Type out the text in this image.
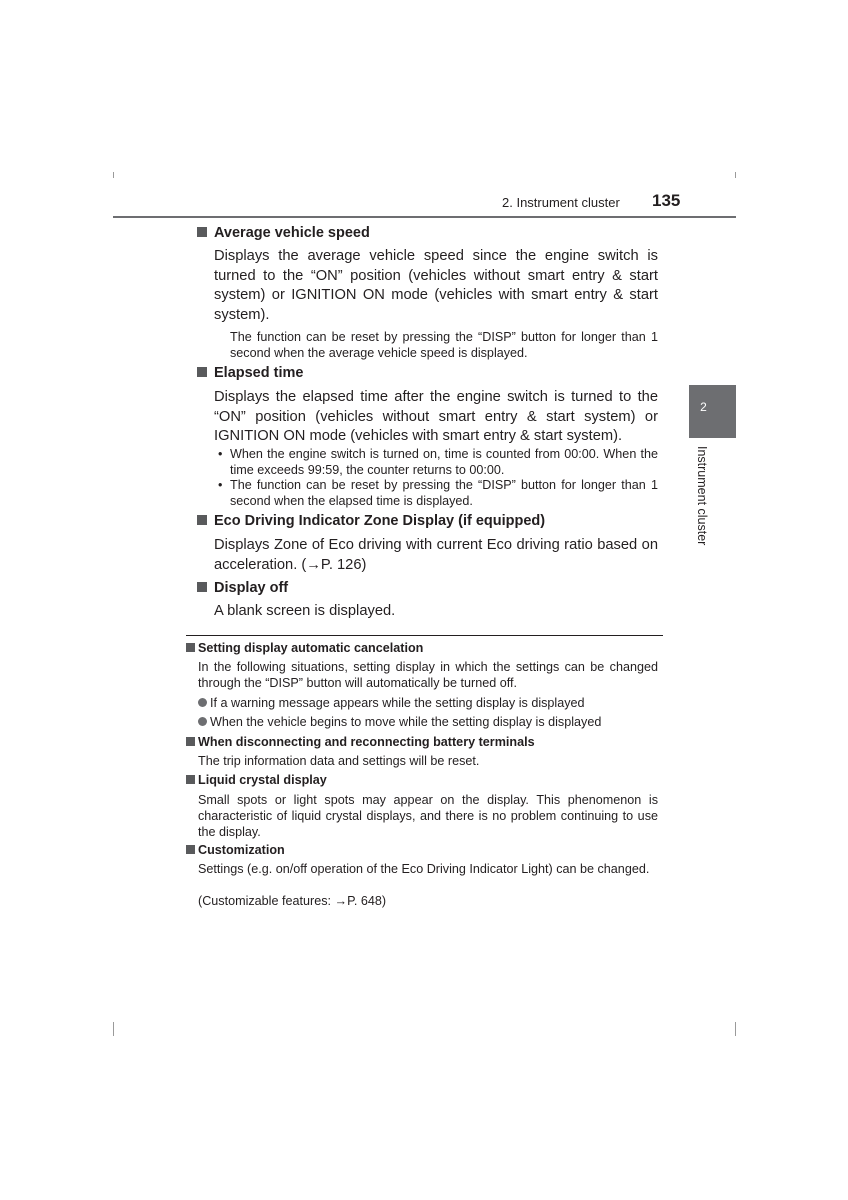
2. Instrument cluster 135
2
Instrument cluster
Average vehicle speed
Displays the average vehicle speed since the engine switch is turned to the “ON” position (vehicles without smart entry & start system) or IGNITION ON mode (vehicles with smart entry & start system).
The function can be reset by pressing the “DISP” button for longer than 1 second when the average vehicle speed is displayed.
Elapsed time
Displays the elapsed time after the engine switch is turned to the “ON” position (vehicles without smart entry & start system) or IGNITION ON mode (vehicles with smart entry & start system).
• When the engine switch is turned on, time is counted from 00:00. When the time exceeds 99:59, the counter returns to 00:00.
• The function can be reset by pressing the “DISP” button for longer than 1 second when the elapsed time is displayed.
Eco Driving Indicator Zone Display (if equipped)
Displays Zone of Eco driving with current Eco driving ratio based on acceleration. (→P. 126)
Display off
A blank screen is displayed.
Setting display automatic cancelation
In the following situations, setting display in which the settings can be changed through the “DISP” button will automatically be turned off.
If a warning message appears while the setting display is displayed
When the vehicle begins to move while the setting display is displayed
When disconnecting and reconnecting battery terminals
The trip information data and settings will be reset.
Liquid crystal display
Small spots or light spots may appear on the display. This phenomenon is characteristic of liquid crystal displays, and there is no problem continuing to use the display.
Customization
Settings (e.g. on/off operation of the Eco Driving Indicator Light) can be changed.
(Customizable features: →P. 648)
